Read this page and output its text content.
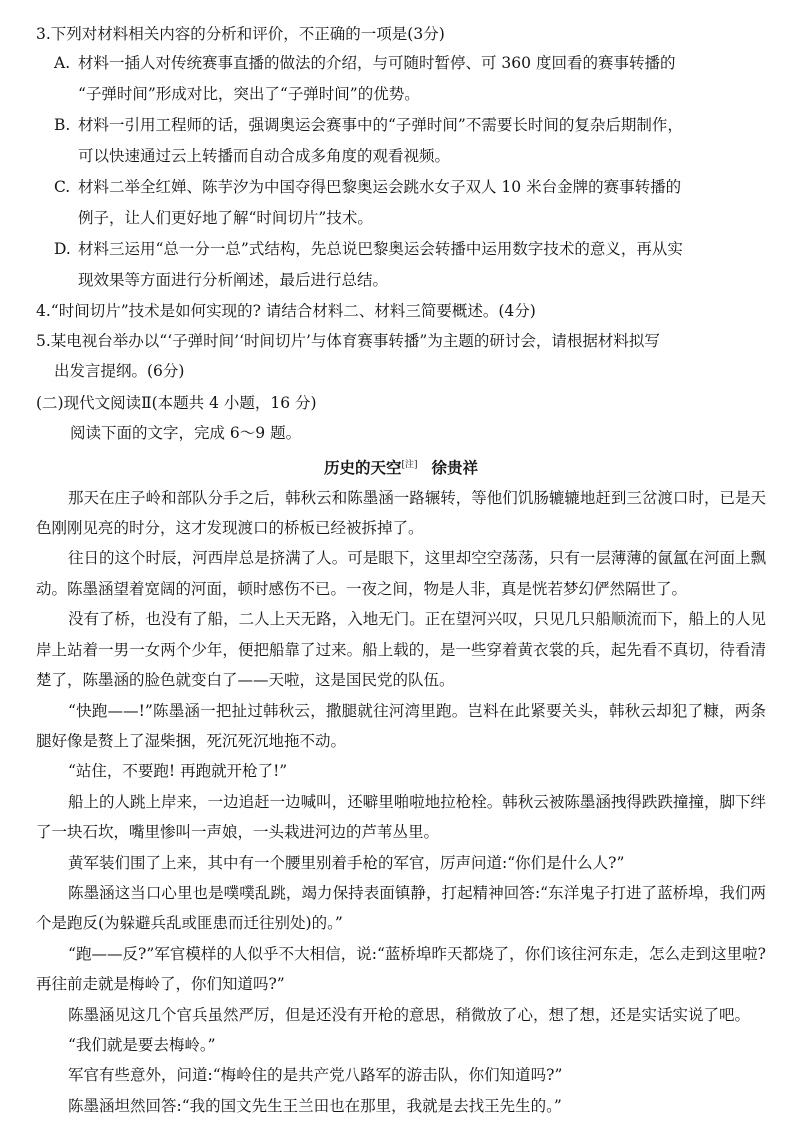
3.下列对材料相关内容的分析和评价，不正确的一项是(3分)

A. 材料一插人对传统赛事直播的做法的介绍，与可随时暂停、可 360 度回看的赛事转播的
“子弹时间”形成对比，突出了“子弹时间”的优势。
B. 材料一引用工程师的话，强调奥运会赛事中的“子弹时间”不需要长时间的复杂后期制作，
可以快速通过云上转播而自动合成多角度的观看视频。
C. 材料二举全红婵、陈芋汐为中国夺得巴黎奥运会跳水女子双人 10 米台金牌的赛事转播的
例子，让人们更好地了解“时间切片”技术。
D. 材料三运用“总一分一总”式结构，先总说巴黎奥运会转播中运用数字技术的意义，再从实
现效果等方面进行分析阐述，最后进行总结。

4.“时间切片”技术是如何实现的? 请结合材料二、材料三简要概述。(4分)

5.某电视台举办以“‘子弹时间’‘时间切片’与体育赛事转播”为主题的研讨会，请根据材料拟写

出发言提纲。(6分)

(二)现代文阅读Ⅱ(本题共 4 小题，16 分)

阅读下面的文字，完成 6～9 题。

历史的天空[注] 徐贵祥

那天在庄子岭和部队分手之后，韩秋云和陈墨涵一路辗转，等他们饥肠辘辘地赶到三岔渡口时，已是天色刚刚见亮的时分，这才发现渡口的桥板已经被拆掉了。

往日的这个时辰，河西岸总是挤满了人。可是眼下，这里却空空荡荡，只有一层薄薄的氤氲在河面上飘动。陈墨涵望着宽阔的河面，顿时感伤不已。一夜之间，物是人非，真是恍若梦幻俨然隔世了。

没有了桥，也没有了船，二人上天无路，入地无门。正在望河兴叹，只见几只船顺流而下，船上的人见岸上站着一男一女两个少年，便把船靠了过来。船上载的，是一些穿着黄衣裳的兵，起先看不真切，待看清楚了，陈墨涵的脸色就变白了——天啦，这是国民党的队伍。

“快跑——!”陈墨涵一把扯过韩秋云，撒腿就往河湾里跑。岂料在此紧要关头，韩秋云却犯了糠，两条腿好像是赘上了湿柴捆，死沉死沉地拖不动。

“站住，不要跑! 再跑就开枪了!”

船上的人跳上岸来，一边追赶一边喊叫，还噼里啪啦地拉枪栓。韩秋云被陈墨涵拽得跌跌撞撞，脚下绊了一块石坎，嘴里惨叫一声娘，一头栽进河边的芦苇丛里。

黄军装们围了上来，其中有一个腰里别着手枪的军官，厉声问道:“你们是什么人?”

陈墨涵这当口心里也是噗噗乱跳，竭力保持表面镇静，打起精神回答:“东洋鬼子打进了蓝桥埠，我们两个是跑反(为躲避兵乱或匪患而迁往别处)的。”

“跑——反?”军官模样的人似乎不大相信，说:“蓝桥埠昨天都烧了，你们该往河东走，怎么走到这里啦? 再往前走就是梅岭了，你们知道吗?”

陈墨涵见这几个官兵虽然严厉，但是还没有开枪的意思，稍微放了心，想了想，还是实话实说了吧。

“我们就是要去梅岭。”

军官有些意外，问道:“梅岭住的是共产党八路军的游击队，你们知道吗?”

陈墨涵坦然回答:“我的国文先生王兰田也在那里，我就是去找王先生的。”
